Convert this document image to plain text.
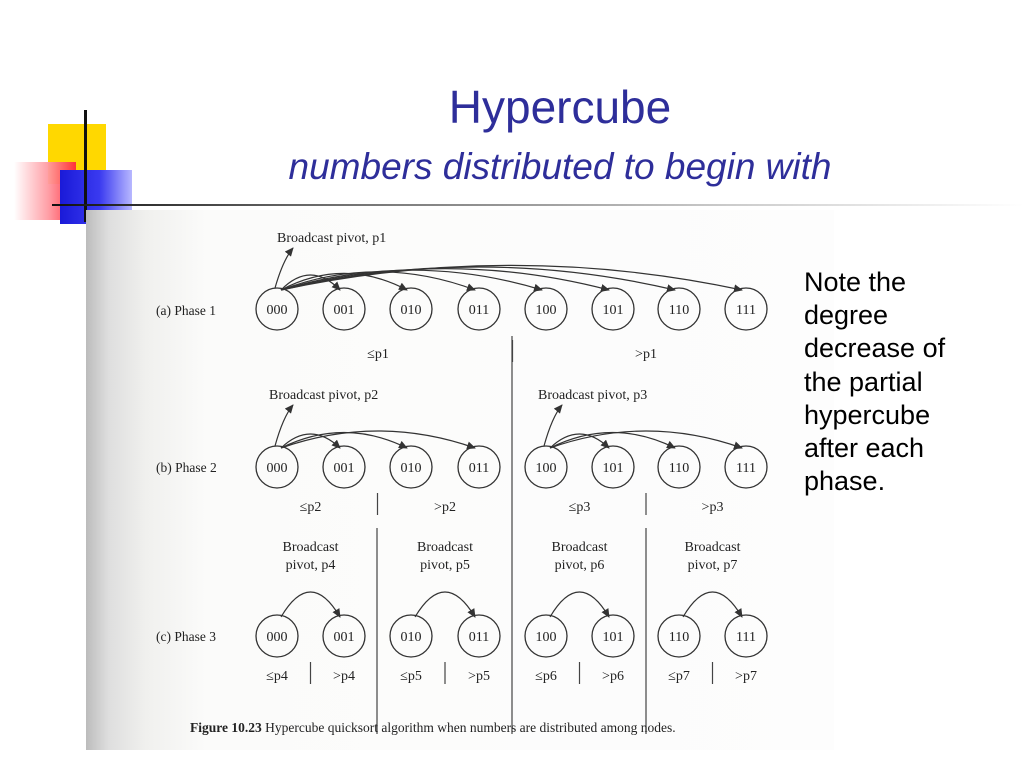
Hypercube
numbers distributed to begin with
(a) Phase 1
Broadcast pivot, p1
≤p1	>p1
000	001	010	011	100	101	110	111
(b) Phase 2
Broadcast pivot, p2
≤p2	>p2
Broadcast pivot, p3
≤p3	>p3
000	001	010	011	100	101	110	111
(c) Phase 3
Broadcast
pivot, p4
≤p4	>p4
Broadcast
pivot, p5
≤p5	>p5
Broadcast
pivot, p6
≤p6	>p6
Broadcast
pivot, p7
≤p7	>p7
000	001	010	011	100	101	110	111
Figure 10.23 Hypercube quicksort algorithm when numbers are distributed among nodes.
Note the
degree
decrease of
the partial
hypercube
after each
phase.
